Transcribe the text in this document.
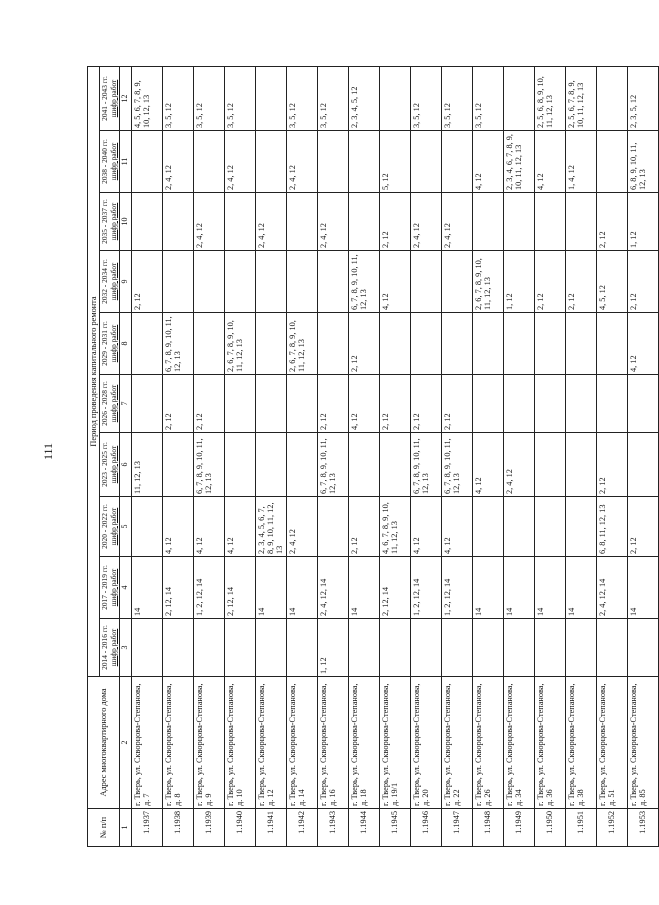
111
№ п/п	Адрес многоквартирного дома	Период проведения капитального ремонта									

		2014 - 2016 гг. шифр работ	2017 - 2019 гг. шифр работ	2020 - 2022 гг. шифр работ	2023 - 2025 гг. шифр работ	2026 - 2028 гг. шифр работ	2029 - 2031 гг. шифр работ	2032 - 2034 гг. шифр работ	2035 - 2037 гг. шифр работ	2038 - 2040 гг. шифр работ	2041 - 2043 гг. шифр работ

1	2	3	4	5	6	7	8	9	10	11	12
1.1937	г. Тверь, ул. Скворцова-Степанова, д. 7		14		11, 12, 13			2, 12			4, 5, 6, 7, 8, 9, 10, 12, 13
1.1938	г. Тверь, ул. Скворцова-Степанова, д. 8		2, 12, 14	4, 12		2, 12	6, 7, 8, 9, 10, 11, 12, 13			2, 4, 12	3, 5, 12
1.1939	г. Тверь, ул. Скворцова-Степанова, д. 9		1, 2, 12, 14	4, 12	6, 7, 8, 9, 10, 11, 12, 13	2, 12			2, 4, 12		3, 5, 12
1.1940	г. Тверь, ул. Скворцова-Степанова, д. 10		2, 12, 14	4, 12			2, 6, 7, 8, 9, 10, 11, 12, 13			2, 4, 12	3, 5, 12
1.1941	г. Тверь, ул. Скворцова-Степанова, д. 12		14	2, 3, 4, 5, 6, 7, 8, 9, 10, 11, 12, 13					2, 4, 12		
1.1942	г. Тверь, ул. Скворцова-Степанова, д. 14		14	2, 4, 12			2, 6, 7, 8, 9, 10, 11, 12, 13			2, 4, 12	3, 5, 12
1.1943	г. Тверь, ул. Скворцова-Степанова, д. 16	1, 12	2, 4, 12, 14		6, 7, 8, 9, 10, 11, 12, 13	2, 12			2, 4, 12		3, 5, 12
1.1944	г. Тверь, ул. Скворцова-Степанова, д. 18		14	2, 12		4, 12	2, 12	6, 7, 8, 9, 10, 11, 12, 13			2, 3, 4, 5, 12
1.1945	г. Тверь, ул. Скворцова-Степанова, д. 19/1		2, 12, 14	4, 6, 7, 8, 9, 10, 11, 12, 13		2, 12		4, 12	2, 12	5, 12	
1.1946	г. Тверь, ул. Скворцова-Степанова, д. 20		1, 2, 12, 14	4, 12	6, 7, 8, 9, 10, 11, 12, 13	2, 12			2, 4, 12		3, 5, 12
1.1947	г. Тверь, ул. Скворцова-Степанова, д. 22		1, 2, 12, 14	4, 12	6, 7, 8, 9, 10, 11, 12, 13	2, 12			2, 4, 12		3, 5, 12
1.1948	г. Тверь, ул. Скворцова-Степанова, д. 26		14		4, 12			2, 6, 7, 8, 9, 10, 11, 12, 13		4, 12	3, 5, 12
1.1949	г. Тверь, ул. Скворцова-Степанова, д. 34		14		2, 4, 12			1, 12		2, 3, 4, 6, 7, 8, 9, 10, 11, 12, 13	
1.1950	г. Тверь, ул. Скворцова-Степанова, д. 36		14					2, 12		4, 12	2, 5, 6, 8, 9, 10, 11, 12, 13
1.1951	г. Тверь, ул. Скворцова-Степанова, д. 38		14					2, 12		1, 4, 12	2, 5, 6, 7, 8, 9, 10, 11, 12, 13
1.1952	г. Тверь, ул. Скворцова-Степанова, д. 51		2, 4, 12, 14	6, 8, 11, 12, 13	2, 12			4, 5, 12	2, 12		
1.1953	г. Тверь, ул. Скворцова-Степанова, д. 85		14	2, 12			4, 12	2, 12	1, 12	6, 8, 9, 10, 11, 12, 13	2, 3, 5, 12
